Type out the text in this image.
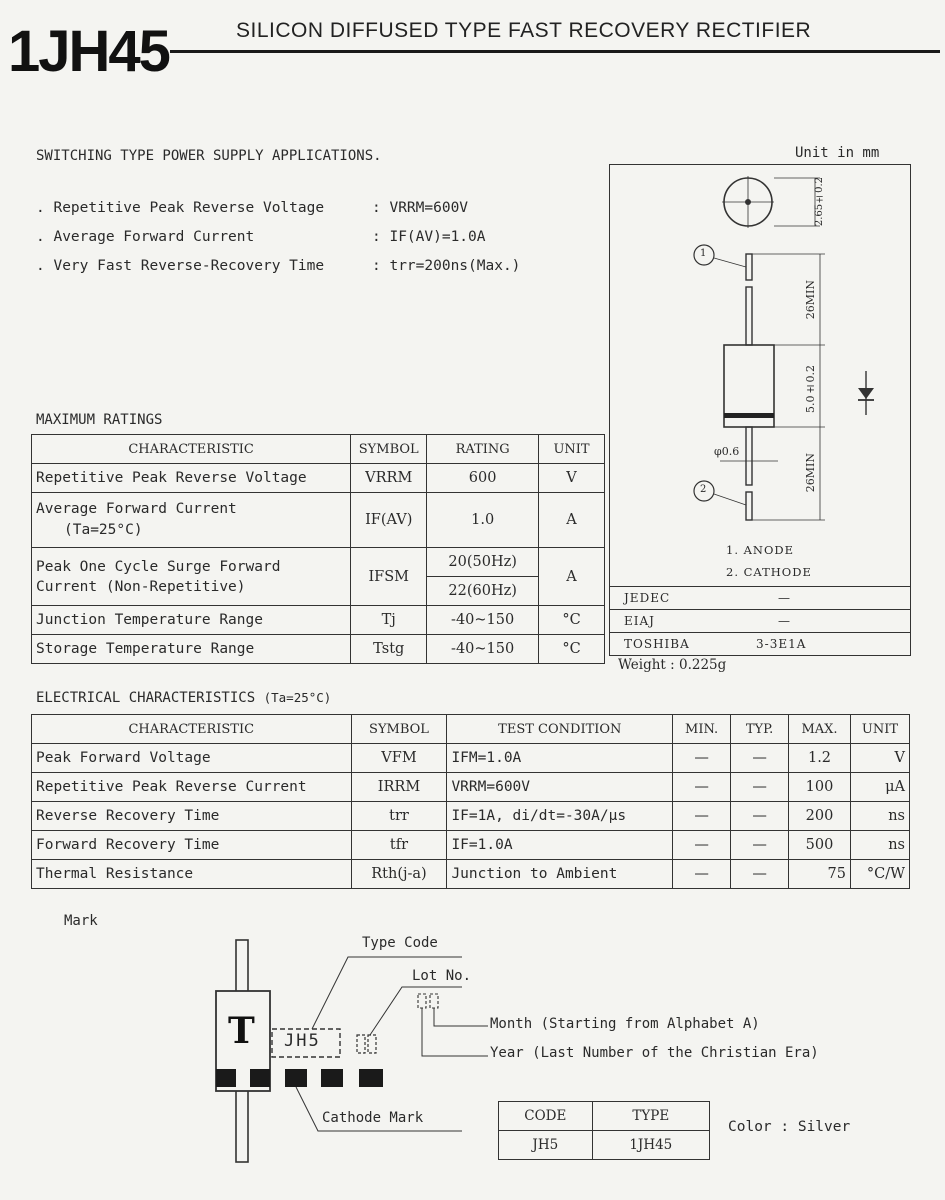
1JH45	SILICON DIFFUSED TYPE FAST RECOVERY RECTIFIER
SWITCHING TYPE POWER SUPPLY APPLICATIONS.	Unit in mm
. Repetitive Peak Reverse Voltage	: VRRM=600V
. Average Forward Current	: IF(AV)=1.0A
. Very Fast Reverse-Recovery Time	: trr=200ns(Max.)
MAXIMUM RATINGS
CHARACTERISTIC	SYMBOL	RATING	UNIT
Repetitive Peak Reverse Voltage	VRRM	600	V

Average Forward Current
(Ta=25°C)	IF(AV)	1.0	A

Peak One Cycle Surge Forward
Current (Non-Repetitive)	IFSM	20(50Hz)	A
		22(60Hz)	
Junction Temperature Range	Tj	-40~150	°C
Storage Temperature Range	Tstg	-40~150	°C
2.65±0.2
26MIN
5.0±0.2
26MIN
φ0.6
1
2
1. ANODE
2. CATHODE
JEDEC	—
EIAJ	—
TOSHIBA	3-3E1A
Weight : 0.225g
ELECTRICAL CHARACTERISTICS (Ta=25°C)
CHARACTERISTIC	SYMBOL	TEST CONDITION	MIN.	TYP.	MAX.	UNIT
Peak Forward Voltage	VFM	IFM=1.0A	—	—	1.2	V
Repetitive Peak Reverse Current	IRRM	VRRM=600V	—	—	100	μA
Reverse Recovery Time	trr	IF=1A, di/dt=-30A/μs	—	—	200	ns
Forward Recovery Time	tfr	IF=1.0A	—	—	500	ns
Thermal Resistance	Rth(j-a)	Junction to Ambient	—	—	75	°C/W
Mark
Type Code
Lot No.
T JH5
Month (Starting from Alphabet A)
Year (Last Number of the Christian Era)
Cathode Mark	CODE	TYPE
JH5	1JH45
Color : Silver
